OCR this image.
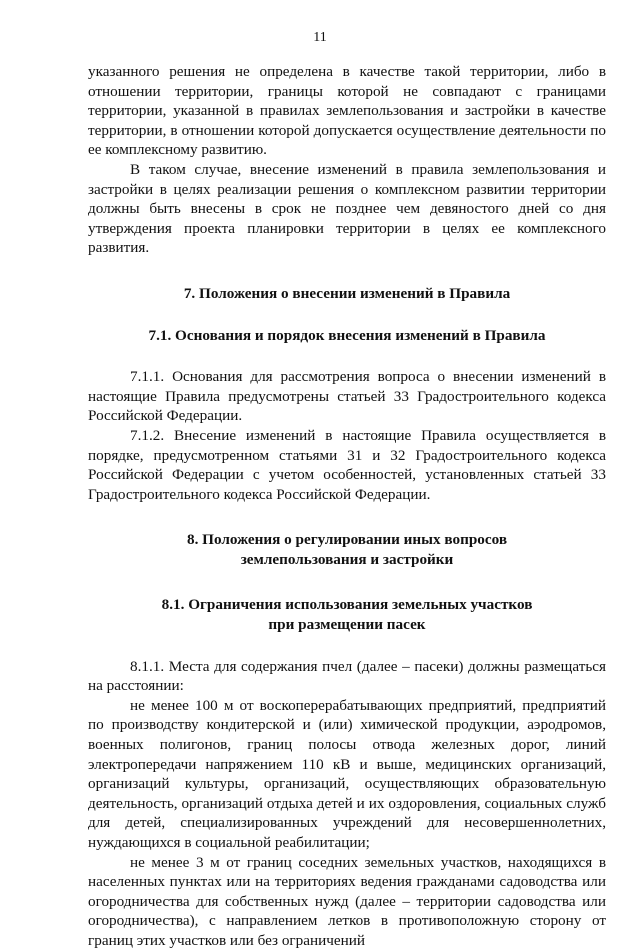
11

указанного решения не определена в качестве такой территории, либо в отношении территории, границы которой не совпадают с границами территории, указанной в правилах землепользования и застройки в качестве территории, в отношении которой допускается осуществление деятельности по ее комплексному развитию.

В таком случае, внесение изменений в правила землепользования и застройки в целях реализации решения о комплексном развитии территории должны быть внесены в срок не позднее чем девяностого дней со дня утверждения проекта планировки территории в целях ее комплексного развития.

7. Положения о внесении изменений в Правила

7.1. Основания и порядок внесения изменений в Правила

7.1.1. Основания для рассмотрения вопроса о внесении изменений в настоящие Правила предусмотрены статьей 33 Градостроительного кодекса Российской Федерации.

7.1.2. Внесение изменений в настоящие Правила осуществляется в порядке, предусмотренном статьями 31 и 32 Градостроительного кодекса Российской Федерации с учетом особенностей, установленных статьей 33 Градостроительного кодекса Российской Федерации.

8. Положения о регулировании иных вопросов

землепользования и застройки

8.1. Ограничения использования земельных участков

при размещении пасек

8.1.1. Места для содержания пчел (далее – пасеки) должны размещаться на расстоянии:

не менее 100 м от воскоперерабатывающих предприятий, предприятий по производству кондитерской и (или) химической продукции, аэродромов, военных полигонов, границ полосы отвода железных дорог, линий электропередачи напряжением 110 кВ и выше, медицинских организаций, организаций культуры, организаций, осуществляющих образовательную деятельность, организаций отдыха детей и их оздоровления, социальных служб для детей, специализированных учреждений для несовершеннолетних, нуждающихся в социальной реабилитации;

не менее 3 м от границ соседних земельных участков, находящихся в населенных пунктах или на территориях ведения гражданами садоводства или огородничества для собственных нужд (далее – территории садоводства или огородничества), с направлением летков в противоположную сторону от границ этих участков или без ограничений
